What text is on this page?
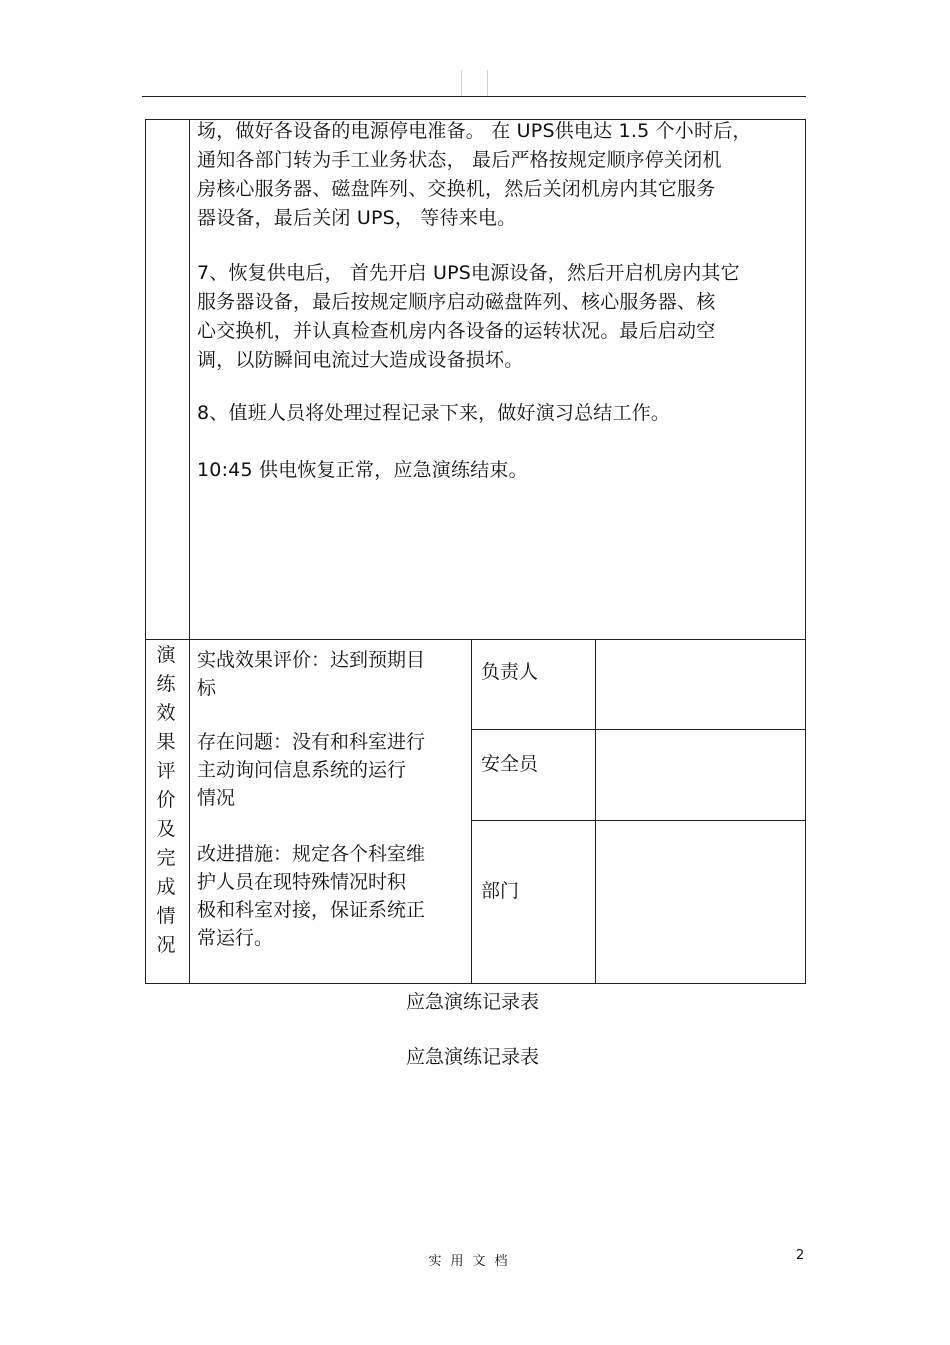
场，做好各设备的电源停电准备。 在 UPS供电达 1.5 个小时后，
通知各部门转为手工业务状态， 最后严格按规定顺序停关闭机
房核心服务器、磁盘阵列、交换机，然后关闭机房内其它服务
器设备，最后关闭 UPS， 等待来电。
7、恢复供电后， 首先开启 UPS电源设备，然后开启机房内其它
服务器设备，最后按规定顺序启动磁盘阵列、核心服务器、核
心交换机，并认真检查机房内各设备的运转状况。最后启动空
调，以防瞬间电流过大造成设备损坏。
8、值班人员将处理过程记录下来，做好演习总结工作。
10:45 供电恢复正常，应急演练结束。
演
练
效
果
评
价
及
完
成
情
况
实战效果评价：达到预期目
标
存在问题：没有和科室进行
主动询问信息系统的运行
情况
改进措施：规定各个科室维
护人员在现特殊情况时积
极和科室对接，保证系统正
常运行。
负责人
安全员
部门
应急演练记录表
应急演练记录表
实用文档	2
